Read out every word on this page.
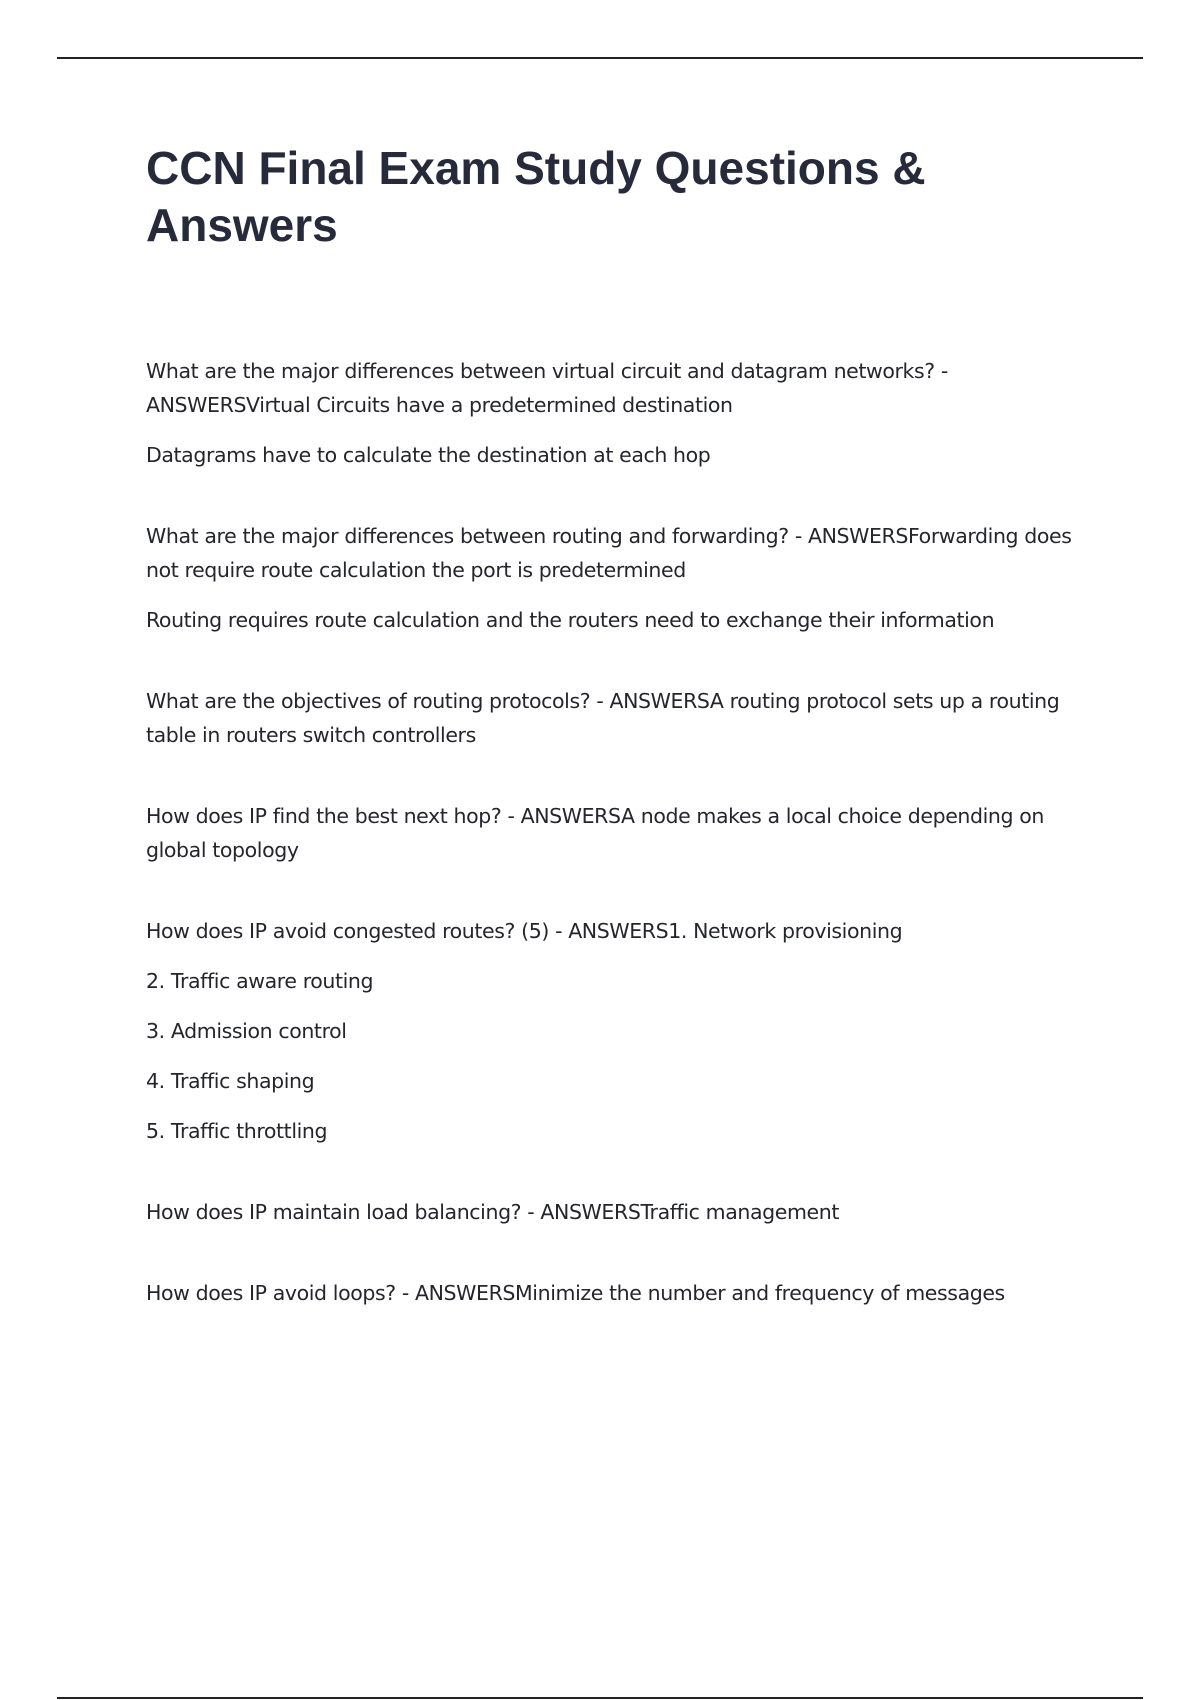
CCN Final Exam Study Questions & Answers

What are the major differences between virtual circuit and datagram networks? - ANSWERSVirtual Circuits have a predetermined destination

Datagrams have to calculate the destination at each hop

What are the major differences between routing and forwarding? - ANSWERSForwarding does not require route calculation the port is predetermined

Routing requires route calculation and the routers need to exchange their information

What are the objectives of routing protocols? - ANSWERSA routing protocol sets up a routing table in routers switch controllers

How does IP find the best next hop? - ANSWERSA node makes a local choice depending on global topology

How does IP avoid congested routes? (5) - ANSWERS1. Network provisioning

2. Traffic aware routing

3. Admission control

4. Traffic shaping

5. Traffic throttling

How does IP maintain load balancing? - ANSWERSTraffic management

How does IP avoid loops? - ANSWERSMinimize the number and frequency of messages
